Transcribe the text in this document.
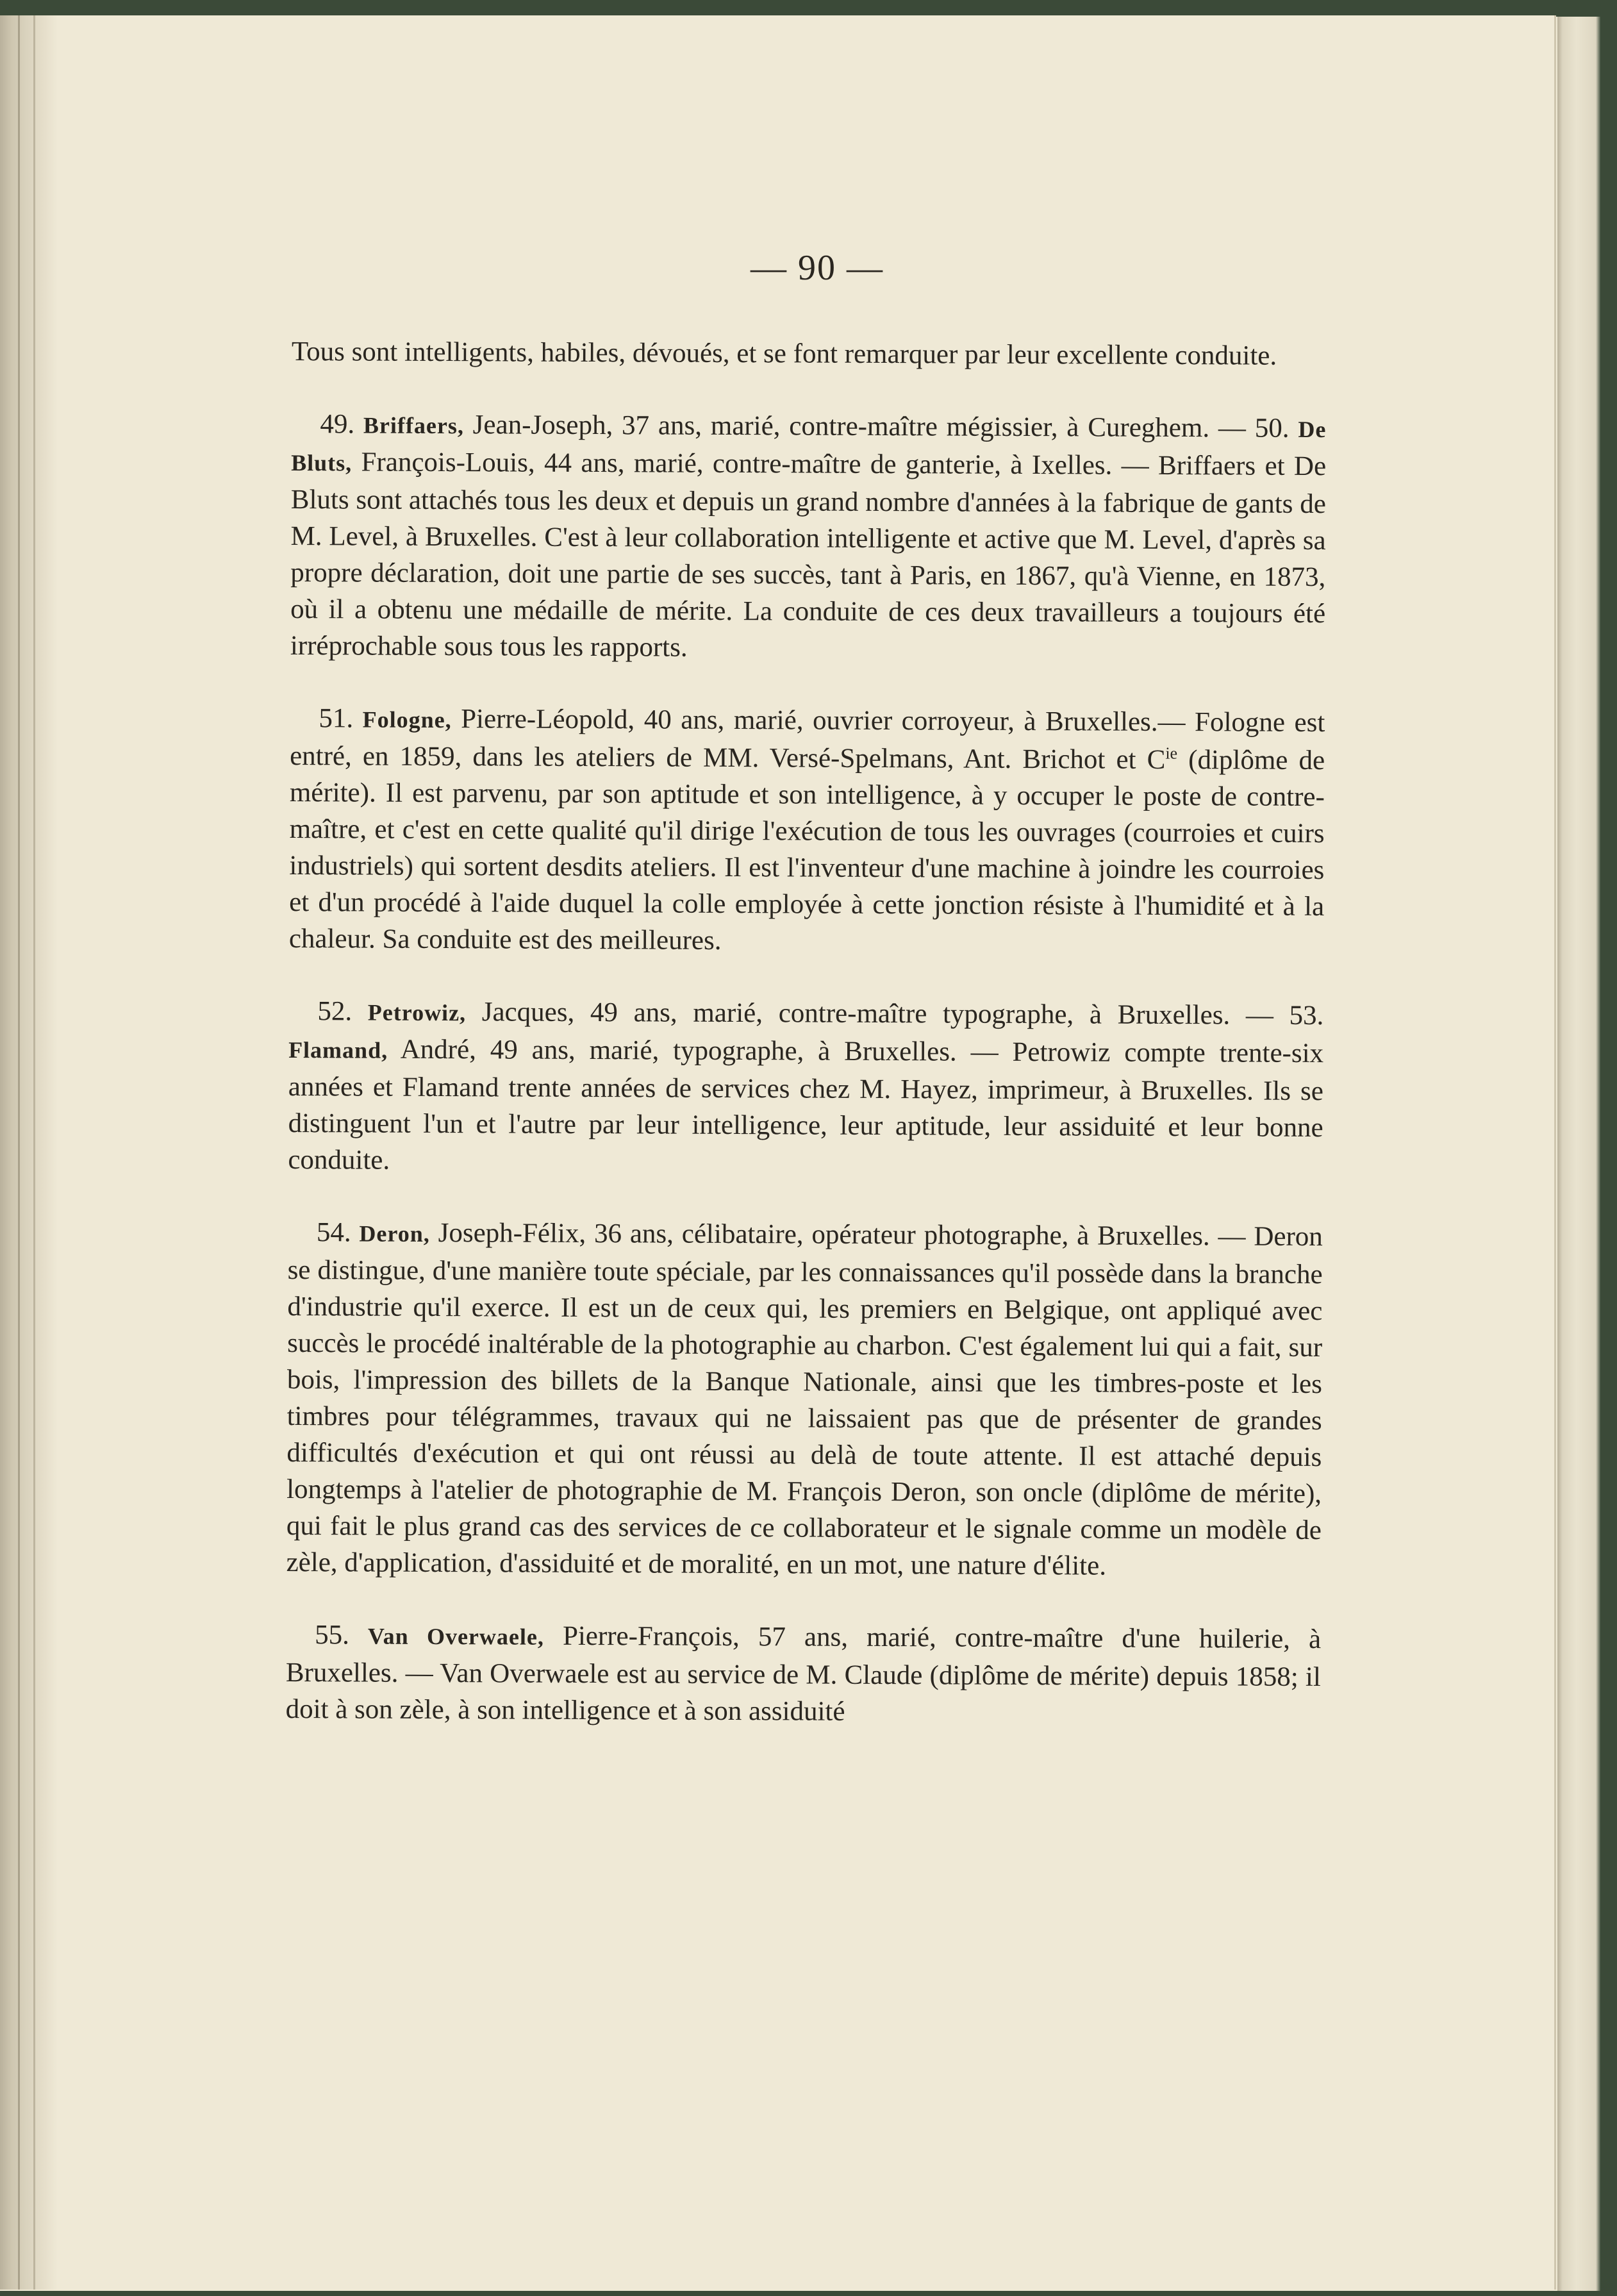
— 90 —

Tous sont intelligents, habiles, dévoués, et se font remarquer par leur excellente conduite.

49. Briffaers, Jean-Joseph, 37 ans, marié, contre-maître mégissier, à Cureghem. — 50. De Bluts, François-Louis, 44 ans, marié, contre-maître de ganterie, à Ixelles. — Briffaers et De Bluts sont attachés tous les deux et depuis un grand nombre d'années à la fabrique de gants de M. Level, à Bruxelles. C'est à leur collaboration intelligente et active que M. Level, d'après sa propre déclaration, doit une partie de ses succès, tant à Paris, en 1867, qu'à Vienne, en 1873, où il a obtenu une médaille de mérite. La conduite de ces deux travailleurs a toujours été irréprochable sous tous les rapports.

51. Fologne, Pierre-Léopold, 40 ans, marié, ouvrier corroyeur, à Bruxelles.— Fologne est entré, en 1859, dans les ateliers de MM. Versé-Spelmans, Ant. Brichot et $C^{ie}$ (diplôme de mérite). Il est parvenu, par son aptitude et son intelligence, à y occuper le poste de contre-maître, et c'est en cette qualité qu'il dirige l'exécution de tous les ouvrages (courroies et cuirs industriels) qui sortent desdits ateliers. Il est l'inventeur d'une machine à joindre les courroies et d'un procédé à l'aide duquel la colle employée à cette jonction résiste à l'humidité et à la chaleur. Sa conduite est des meilleures.

52. Petrowiz, Jacques, 49 ans, marié, contre-maître typographe, à Bruxelles. — 53. Flamand, André, 49 ans, marié, typographe, à Bruxelles. — Petrowiz compte trente-six années et Flamand trente années de services chez M. Hayez, imprimeur, à Bruxelles. Ils se distinguent l'un et l'autre par leur intelligence, leur aptitude, leur assiduité et leur bonne conduite.

54. Deron, Joseph-Félix, 36 ans, célibataire, opérateur photographe, à Bruxelles. — Deron se distingue, d'une manière toute spéciale, par les connaissances qu'il possède dans la branche d'industrie qu'il exerce. Il est un de ceux qui, les premiers en Belgique, ont appliqué avec succès le procédé inaltérable de la photographie au charbon. C'est également lui qui a fait, sur bois, l'impression des billets de la Banque Nationale, ainsi que les timbres-poste et les timbres pour télégrammes, travaux qui ne laissaient pas que de présenter de grandes difficultés d'exécution et qui ont réussi au delà de toute attente. Il est attaché depuis longtemps à l'atelier de photographie de M. François Deron, son oncle (diplôme de mérite), qui fait le plus grand cas des services de ce collaborateur et le signale comme un modèle de zèle, d'application, d'assiduité et de moralité, en un mot, une nature d'élite.

55. Van Overwaele, Pierre-François, 57 ans, marié, contre-maître d'une huilerie, à Bruxelles. — Van Overwaele est au service de M. Claude (diplôme de mérite) depuis 1858; il doit à son zèle, à son intelligence et à son assiduité
